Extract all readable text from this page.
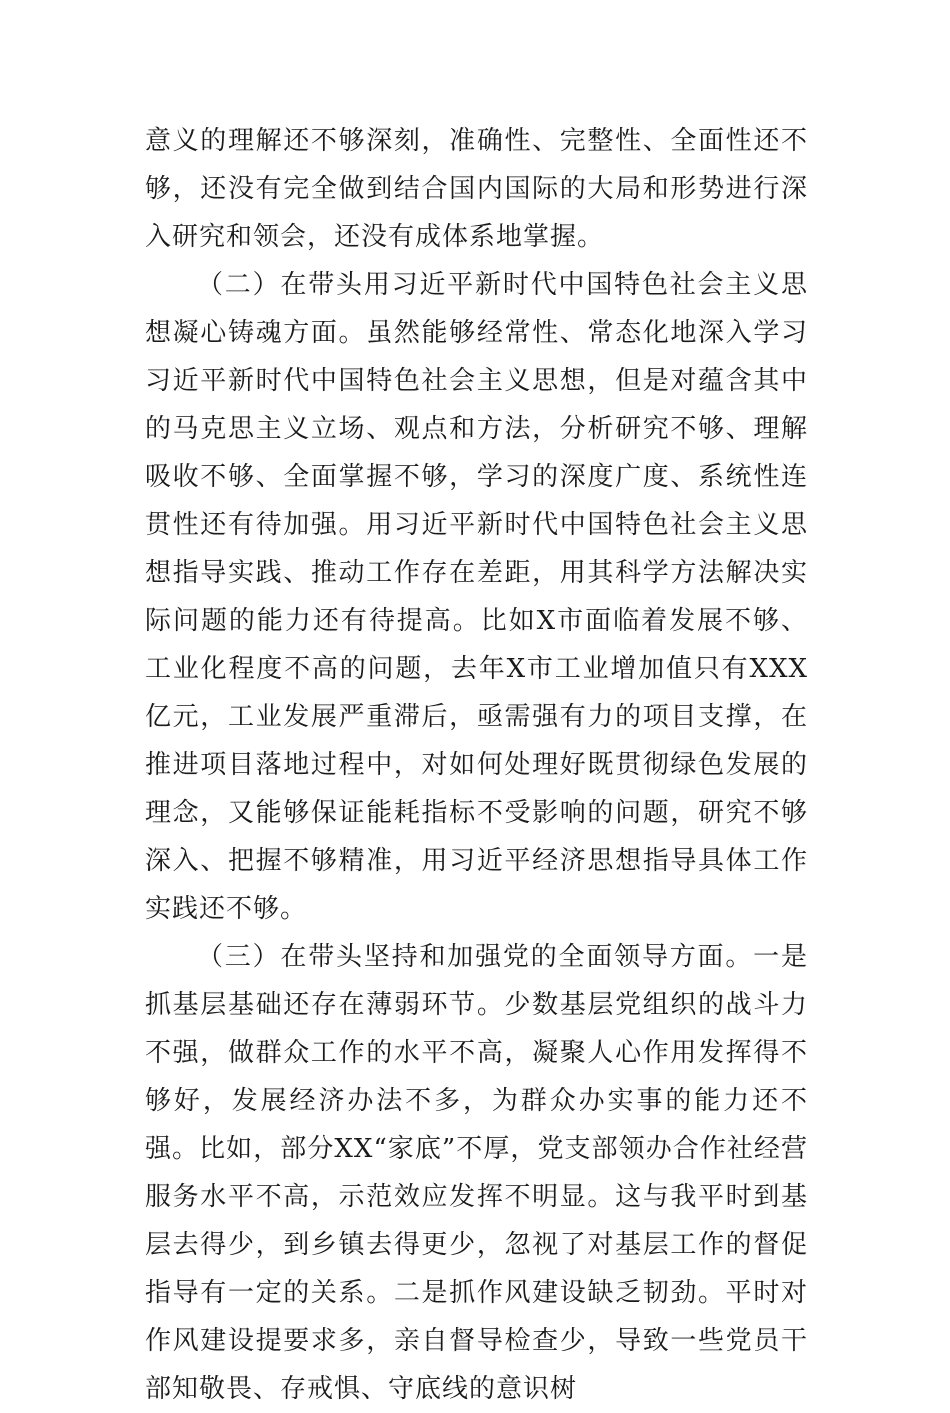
意义的理解还不够深刻，准确性、完整性、全面性还不够，还没有完全做到结合国内国际的大局和形势进行深入研究和领会，还没有成体系地掌握。

（二）在带头用习近平新时代中国特色社会主义思想凝心铸魂方面。虽然能够经常性、常态化地深入学习习近平新时代中国特色社会主义思想，但是对蕴含其中的马克思主义立场、观点和方法，分析研究不够、理解吸收不够、全面掌握不够，学习的深度广度、系统性连贯性还有待加强。用习近平新时代中国特色社会主义思想指导实践、推动工作存在差距，用其科学方法解决实际问题的能力还有待提高。比如X市面临着发展不够、工业化程度不高的问题，去年X市工业增加值只有XXX亿元，工业发展严重滞后，亟需强有力的项目支撑，在推进项目落地过程中，对如何处理好既贯彻绿色发展的理念，又能够保证能耗指标不受影响的问题，研究不够深入、把握不够精准，用习近平经济思想指导具体工作实践还不够。

（三）在带头坚持和加强党的全面领导方面。一是抓基层基础还存在薄弱环节。少数基层党组织的战斗力不强，做群众工作的水平不高，凝聚人心作用发挥得不够好，发展经济办法不多，为群众办实事的能力还不强。比如，部分XX“家底”不厚，党支部领办合作社经营服务水平不高，示范效应发挥不明显。这与我平时到基层去得少，到乡镇去得更少，忽视了对基层工作的督促指导有一定的关系。二是抓作风建设缺乏韧劲。平时对作风建设提要求多，亲自督导检查少，导致一些党员干部知敬畏、存戒惧、守底线的意识树
